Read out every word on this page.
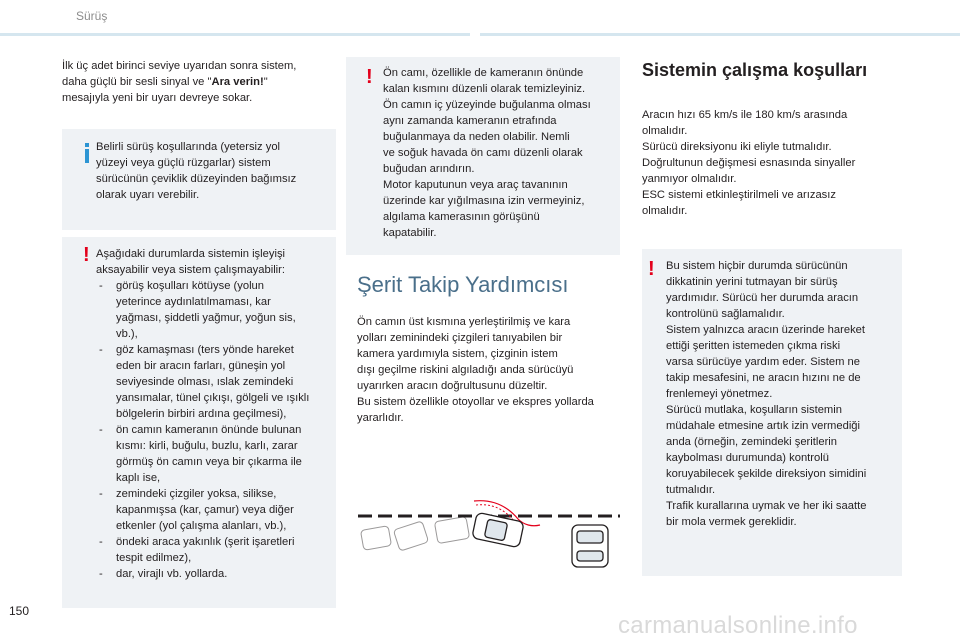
Sürüş

İlk üç adet birinci seviye uyarıdan sonra sistem,

daha güçlü bir sesli sinyal ve "Ara verin!"

mesajıyla yeni bir uyarı devreye sokar.

Belirli sürüş koşullarında (yetersiz yol

yüzeyi veya güçlü rüzgarlar) sistem

sürücünün çeviklik düzeyinden bağımsız

olarak uyarı verebilir.

! Aşağıdaki durumlarda sistemin işleyişi

aksayabilir veya sistem çalışmayabilir:

- görüş koşulları kötüyse (yolun
yeterince aydınlatılmaması, kar
yağması, şiddetli yağmur, yoğun sis,
vb.),
- göz kamaşması (ters yönde hareket
eden bir aracın farları, güneşin yol
seviyesinde olması, ıslak zemindeki
yansımalar, tünel çıkışı, gölgeli ve ışıklı
bölgelerin birbiri ardına geçilmesi),
- ön camın kameranın önünde bulunan
kısmı: kirli, buğulu, buzlu, karlı, zarar
görmüş ön camın veya bir çıkarma ile
kaplı ise,
- zemindeki çizgiler yoksa, silikse,
kapanmışsa (kar, çamur) veya diğer
etkenler (yol çalışma alanları, vb.),
- öndeki araca yakınlık (şerit işaretleri
tespit edilmez),
- dar, virajlı vb. yollarda.
! Ön camı, özellikle de kameranın önünde

kalan kısmını düzenli olarak temizleyiniz.

Ön camın iç yüzeyinde buğulanma olması

aynı zamanda kameranın etrafında

buğulanmaya da neden olabilir. Nemli

ve soğuk havada ön camı düzenli olarak

buğudan arındırın.

Motor kaputunun veya araç tavanının

üzerinde kar yığılmasına izin vermeyiniz,

algılama kamerasının görüşünü

kapatabilir.

Şerit Takip Yardımcısı

Ön camın üst kısmına yerleştirilmiş ve kara

yolları zeminindeki çizgileri tanıyabilen bir

kamera yardımıyla sistem, çizginin istem

dışı geçilme riskini algıladığı anda sürücüyü

uyarırken aracın doğrultusunu düzeltir.

Bu sistem özellikle otoyollar ve ekspres yollarda

yararlıdır.

Sistemin çalışma koşulları

Aracın hızı 65 km/s ile 180 km/s arasında

olmalıdır.

Sürücü direksiyonu iki eliyle tutmalıdır.

Doğrultunun değişmesi esnasında sinyaller

yanmıyor olmalıdır.

ESC sistemi etkinleştirilmeli ve arızasız

olmalıdır.

! Bu sistem hiçbir durumda sürücünün

dikkatinin yerini tutmayan bir sürüş

yardımıdır. Sürücü her durumda aracın

kontrolünü sağlamalıdır.

Sistem yalnızca aracın üzerinde hareket

ettiği şeritten istemeden çıkma riski

varsa sürücüye yardım eder. Sistem ne

takip mesafesini, ne aracın hızını ne de

frenlemeyi yönetmez.

Sürücü mutlaka, koşulların sistemin

müdahale etmesine artık izin vermediği

anda (örneğin, zemindeki şeritlerin

kaybolması durumunda) kontrolü

koruyabilecek şekilde direksiyon simidini

tutmalıdır.

Trafik kurallarına uymak ve her iki saatte

bir mola vermek gereklidir.

150
carmanualsonline.info
